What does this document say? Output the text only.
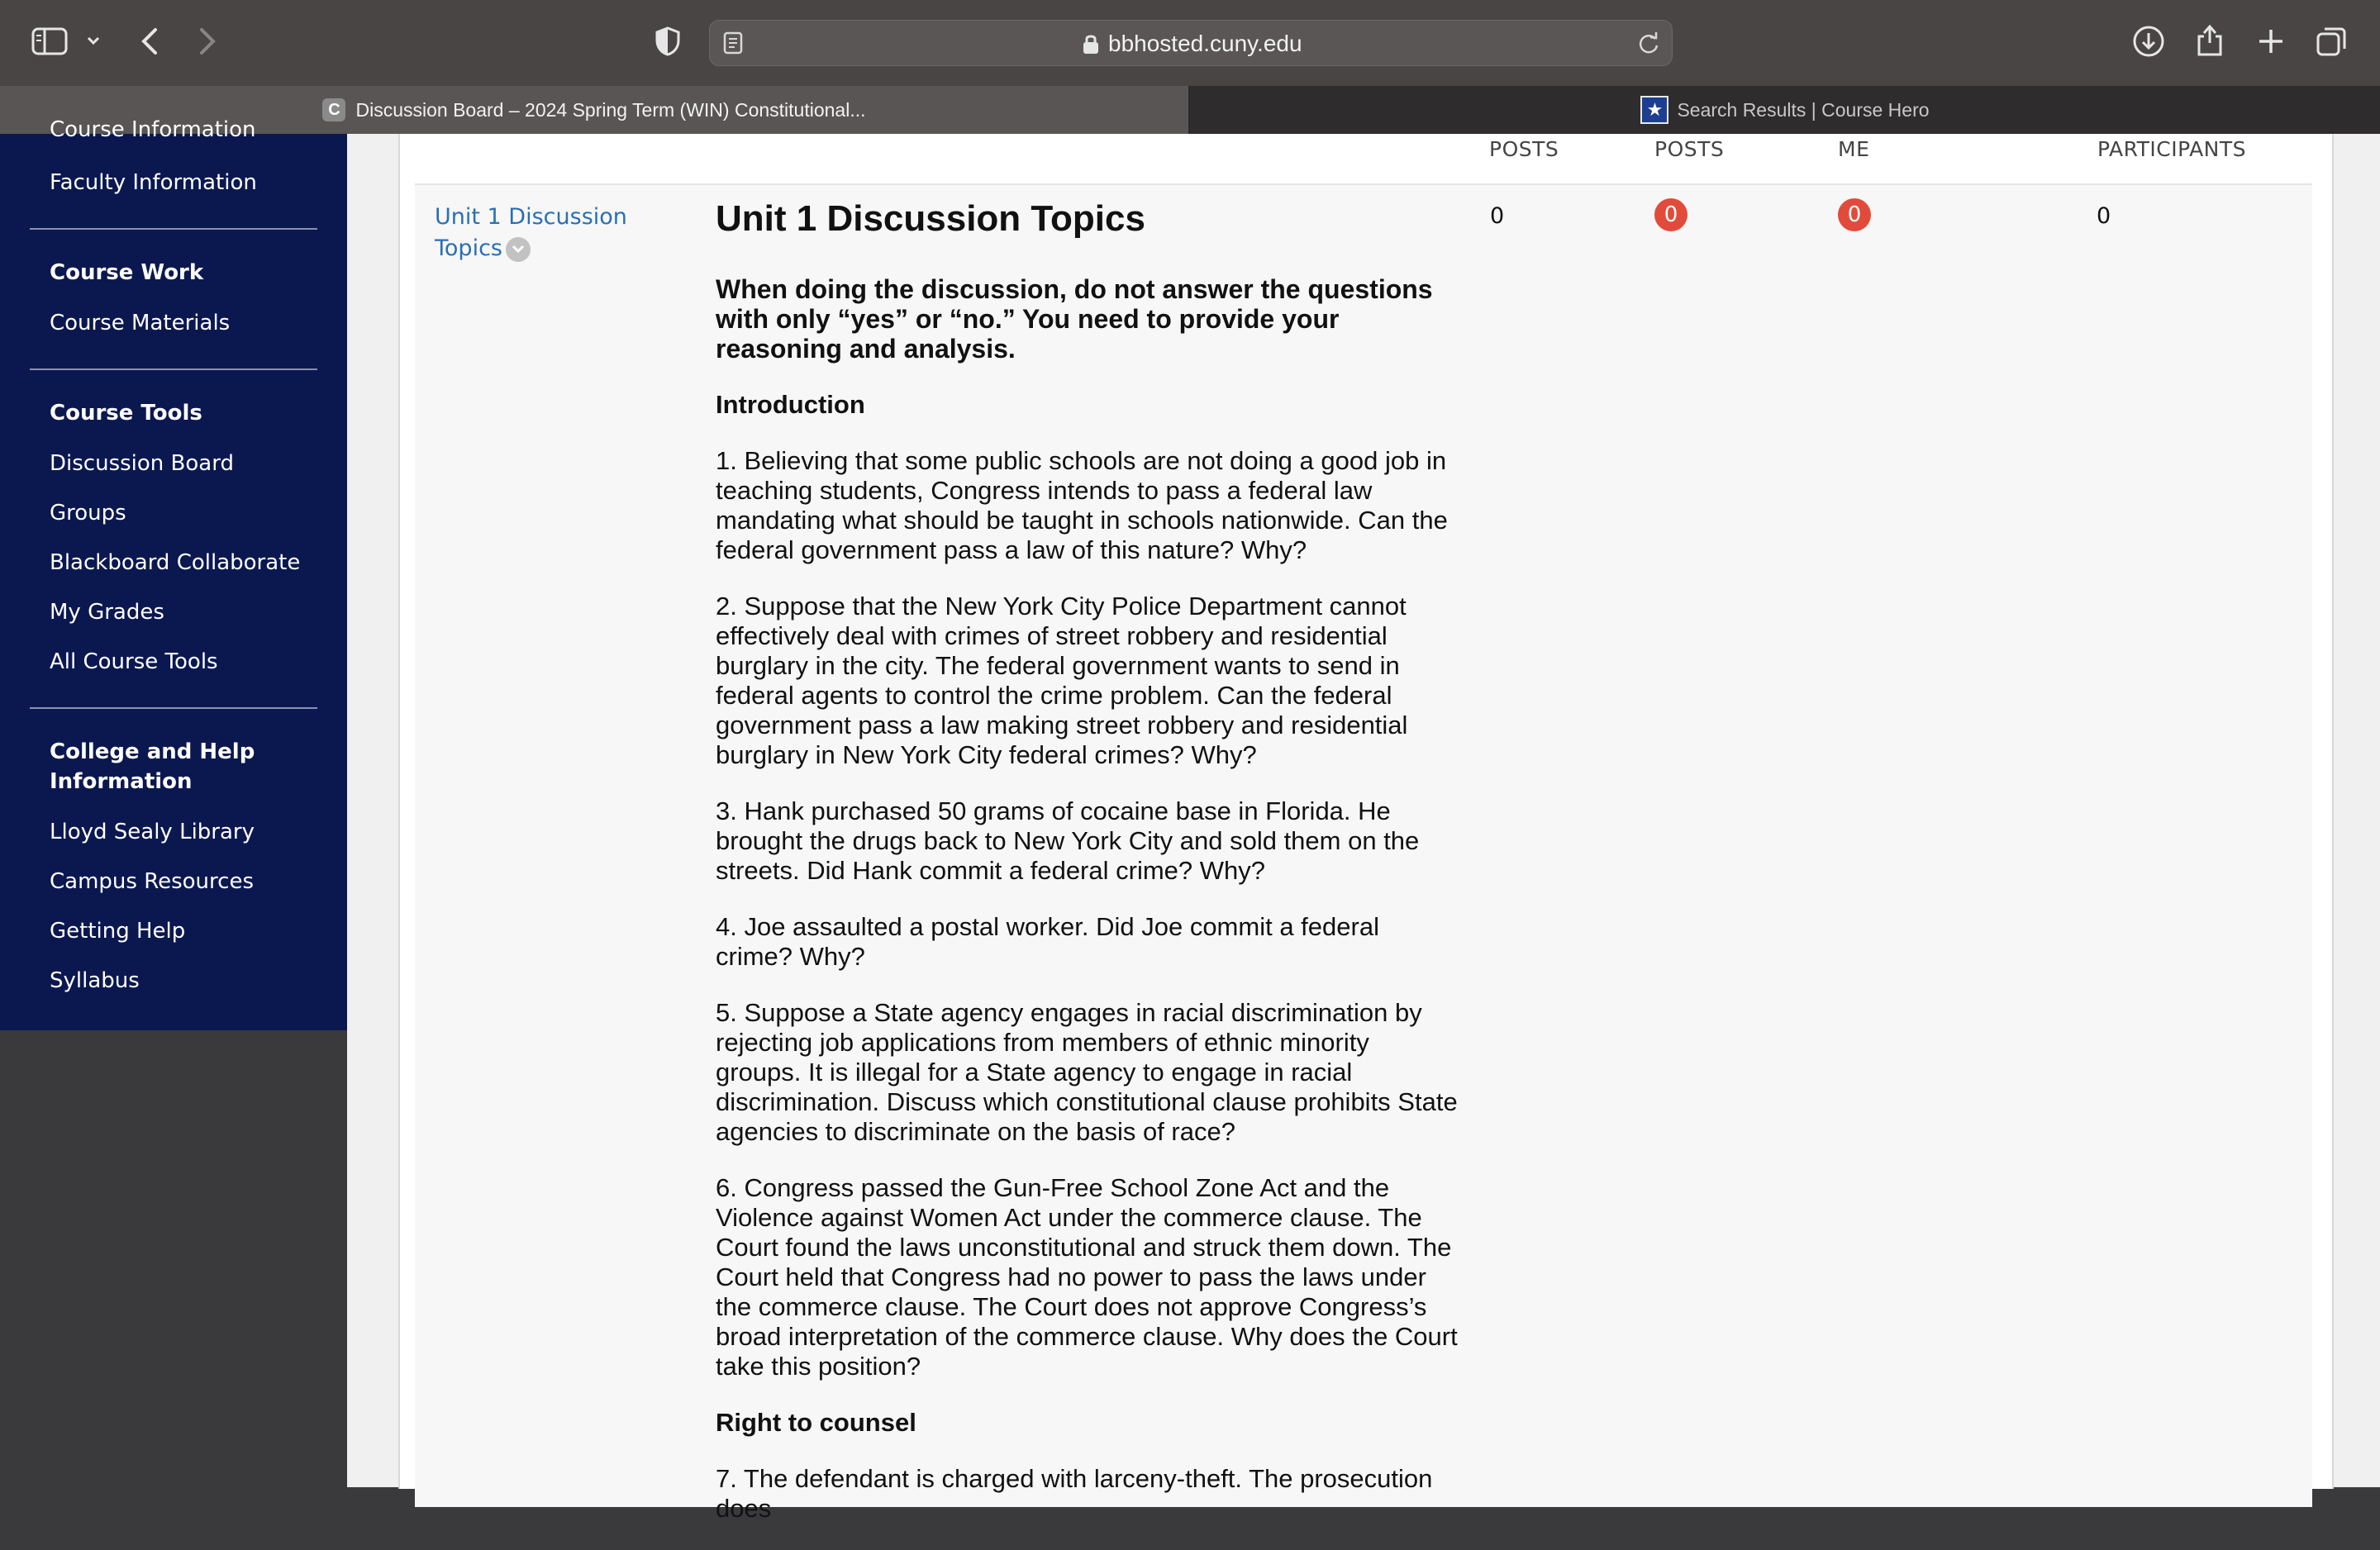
bbhosted.cuny.edu
C Discussion Board – 2024 Spring Term (WIN) Constitutional...	★ Search Results | Course Hero
Course Information
Faculty Information
Course Work
Course Materials
Course Tools
Discussion Board
Groups
Blackboard Collaborate
My Grades
All Course Tools
College and Help Information
Lloyd Sealy Library
Campus Resources
Getting Help
Syllabus
POSTS	POSTS	ME	PARTICIPANTS
Unit 1 Discussion Topics
0	0	0	0
Unit 1 Discussion Topics
When doing the discussion, do not answer the questions with only “yes” or “no.” You need to provide your reasoning and analysis.
Introduction

1. Believing that some public schools are not doing a good job in teaching students, Congress intends to pass a federal law mandating what should be taught in schools nationwide. Can the federal government pass a law of this nature? Why?

2. Suppose that the New York City Police Department cannot effectively deal with crimes of street robbery and residential burglary in the city. The federal government wants to send in federal agents to control the crime problem. Can the federal government pass a law making street robbery and residential burglary in New York City federal crimes? Why?

3. Hank purchased 50 grams of cocaine base in Florida. He brought the drugs back to New York City and sold them on the streets. Did Hank commit a federal crime? Why?

4. Joe assaulted a postal worker. Did Joe commit a federal crime? Why?

5. Suppose a State agency engages in racial discrimination by rejecting job applications from members of ethnic minority groups. It is illegal for a State agency to engage in racial discrimination. Discuss which constitutional clause prohibits State agencies to discriminate on the basis of race?

6. Congress passed the Gun-Free School Zone Act and the Violence against Women Act under the commerce clause. The Court found the laws unconstitutional and struck them down. The Court held that Congress had no power to pass the laws under the commerce clause. The Court does not approve Congress’s broad interpretation of the commerce clause. Why does the Court take this position?

Right to counsel

7. The defendant is charged with larceny-theft. The prosecution does
